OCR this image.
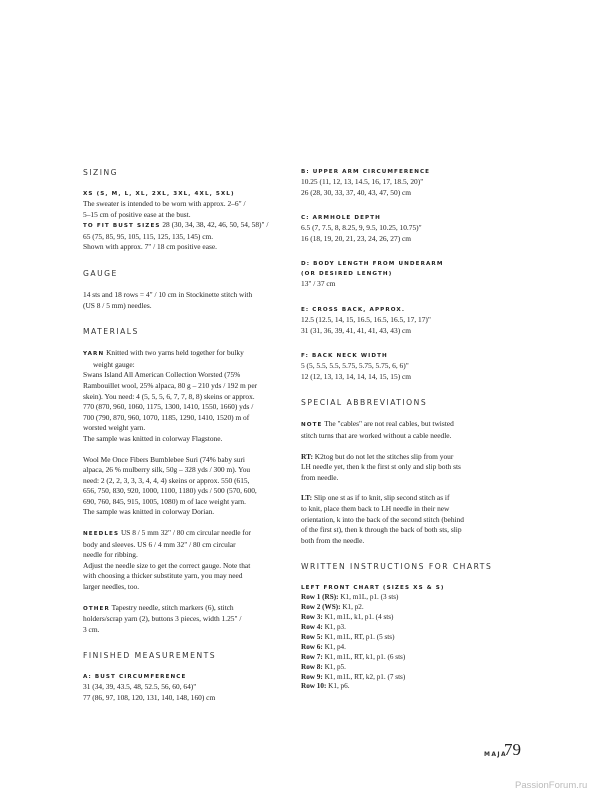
SIZING
XS (S, M, L, XL, 2XL, 3XL, 4XL, 5XL)

The sweater is intended to be worn with approx. 2–6" /
5–15 cm of positive ease at the bust.
TO FIT BUST SIZES 28 (30, 34, 38, 42, 46, 50, 54, 58)" /
65 (75, 85, 95, 105, 115, 125, 135, 145) cm.
Shown with approx. 7" / 18 cm positive ease.

GAUGE

14 sts and 18 rows = 4" / 10 cm in Stockinette stitch with
(US 8 / 5 mm) needles.

MATERIALS

YARN Knitted with two yarns held together for bulky
weight gauge:
Swans Island All American Collection Worsted (75%
Rambouillet wool, 25% alpaca, 80 g – 210 yds / 192 m per
skein). You need: 4 (5, 5, 5, 6, 7, 7, 8, 8) skeins or approx.
770 (870, 960, 1060, 1175, 1300, 1410, 1550, 1660) yds /
700 (790, 870, 960, 1070, 1185, 1290, 1410, 1520) m of
worsted weight yarn.
The sample was knitted in colorway Flagstone.

Wool Me Once Fibers Bumblebee Suri (74% baby suri
alpaca, 26 % mulberry silk, 50g – 328 yds / 300 m). You
need: 2 (2, 2, 3, 3, 3, 4, 4, 4) skeins or approx. 550 (615,
656, 750, 830, 920, 1000, 1100, 1180) yds / 500 (570, 600,
690, 760, 845, 915, 1005, 1080) m of lace weight yarn.
The sample was knitted in colorway Dorian.

NEEDLES US 8 / 5 mm 32" / 80 cm circular needle for
body and sleeves. US 6 / 4 mm 32" / 80 cm circular
needle for ribbing.
Adjust the needle size to get the correct gauge. Note that
with choosing a thicker substitute yarn, you may need
larger needles, too.

OTHER Tapestry needle, stitch markers (6), stitch
holders/scrap yarn (2), buttons 3 pieces, width 1.25" /
3 cm.

FINISHED MEASUREMENTS
A: BUST CIRCUMFERENCE

31 (34, 39, 43.5, 48, 52.5, 56, 60, 64)"
77 (86, 97, 108, 120, 131, 140, 148, 160) cm

B: UPPER ARM CIRCUMFERENCE

10.25 (11, 12, 13, 14.5, 16, 17, 18.5, 20)"
26 (28, 30, 33, 37, 40, 43, 47, 50) cm

C: ARMHOLE DEPTH

6.5 (7, 7.5, 8, 8.25, 9, 9.5, 10.25, 10.75)"
16 (18, 19, 20, 21, 23, 24, 26, 27) cm

D: BODY LENGTH FROM UNDERARM
(OR DESIRED LENGTH)

13" / 37 cm

E: CROSS BACK, APPROX.

12.5 (12.5, 14, 15, 16.5, 16.5, 16.5, 17, 17)"
31 (31, 36, 39, 41, 41, 41, 43, 43) cm

F: BACK NECK WIDTH

5 (5, 5.5, 5.5, 5.75, 5.75, 5.75, 6, 6)"
12 (12, 13, 13, 14, 14, 14, 15, 15) cm

SPECIAL ABBREVIATIONS

NOTE The "cables" are not real cables, but twisted
stitch turns that are worked without a cable needle.

RT: K2tog but do not let the stitches slip from your
LH needle yet, then k the first st only and slip both sts
from needle.

LT: Slip one st as if to knit, slip second stitch as if
to knit, place them back to LH needle in their new
orientation, k into the back of the second stitch (behind
of the first st), then k through the back of both sts, slip
both from the needle.

WRITTEN INSTRUCTIONS FOR CHARTS
LEFT FRONT CHART (SIZES XS & S)
Row 1 (RS): K1, m1L, p1. (3 sts)
Row 2 (WS): K1, p2.
Row 3: K1, m1L, k1, p1. (4 sts)
Row 4: K1, p3.
Row 5: K1, m1L, RT, p1. (5 sts)
Row 6: K1, p4.
Row 7: K1, m1L, RT, k1, p1. (6 sts)
Row 8: K1, p5.
Row 9: K1, m1L, RT, k2, p1. (7 sts)
Row 10: K1, p6.
MAJA
79
PassionForum.ru
